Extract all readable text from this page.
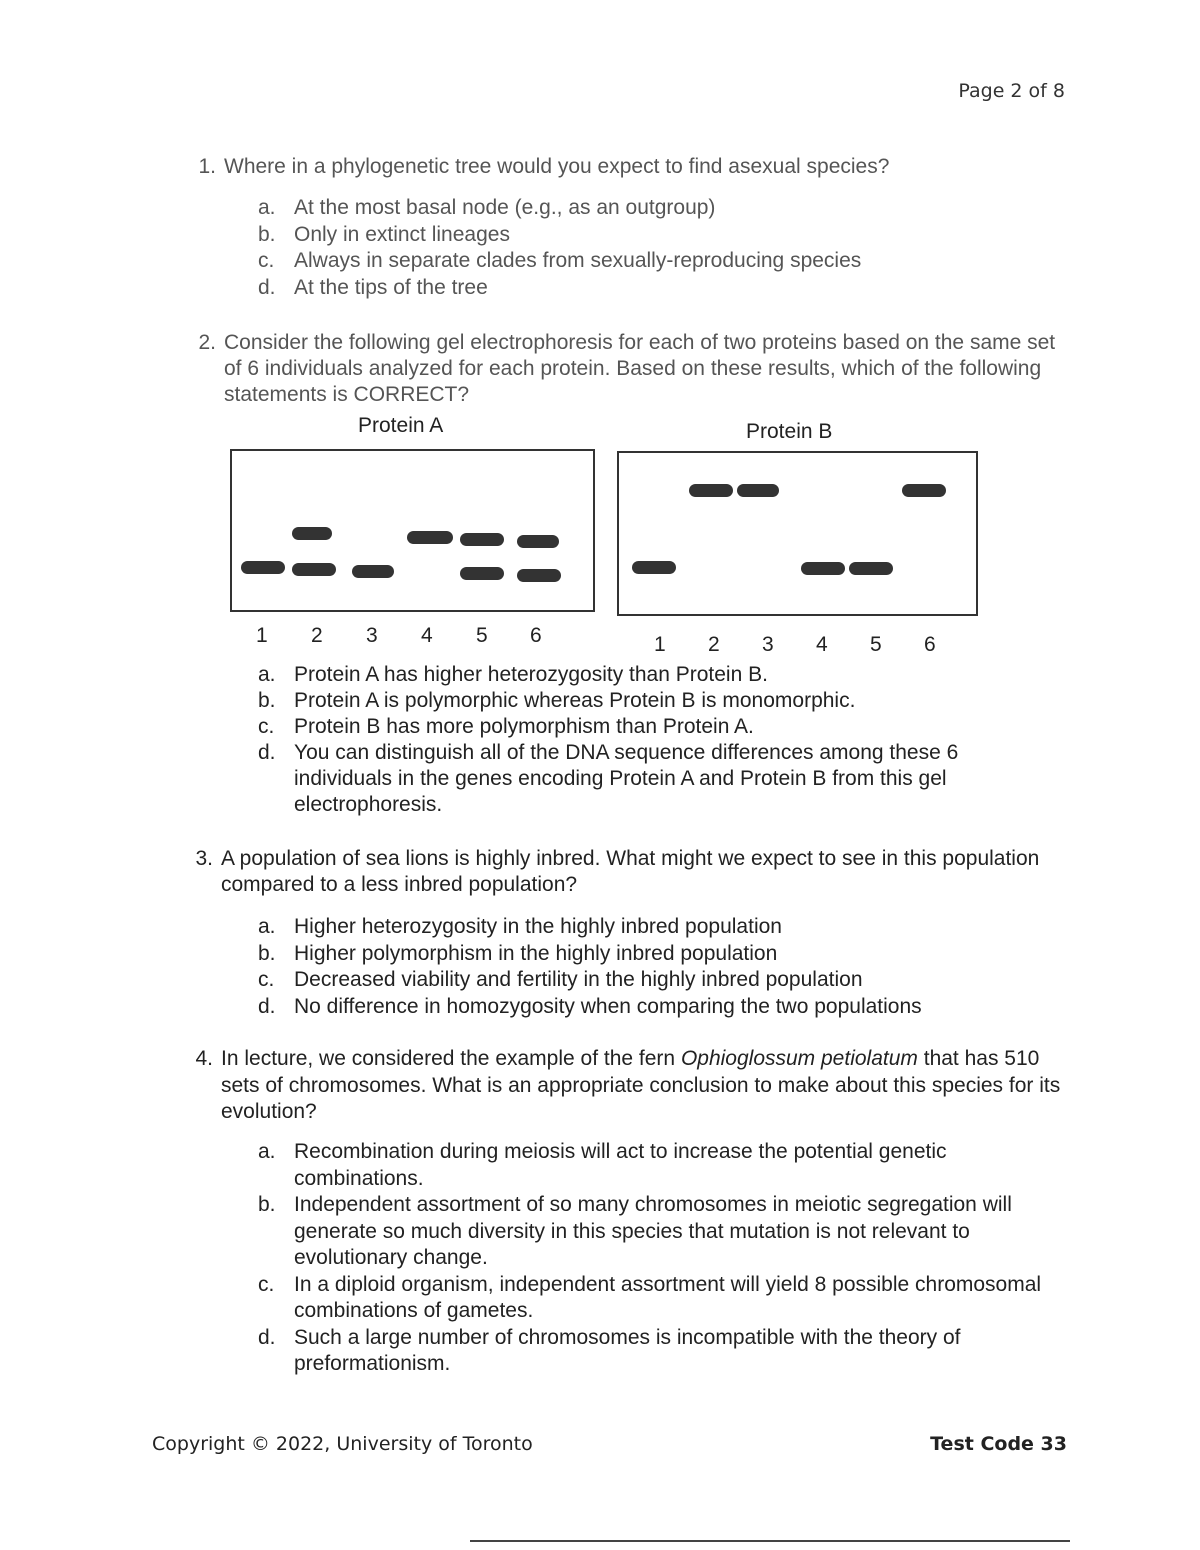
Page 2 of 8
1. Where in a phylogenetic tree would you expect to find asexual species?
a. At the most basal node (e.g., as an outgroup)
b. Only in extinct lineages
c. Always in separate clades from sexually-reproducing species
d. At the tips of the tree
2. Consider the following gel electrophoresis for each of two proteins based on the same set of 6 individuals analyzed for each protein. Based on these results, which of the following statements is CORRECT?
Protein A	Protein B
1 2 3 4 5 6	1 2 3 4 5 6
a. Protein A has higher heterozygosity than Protein B.
b. Protein A is polymorphic whereas Protein B is monomorphic.
c. Protein B has more polymorphism than Protein A.
d. You can distinguish all of the DNA sequence differences among these 6 individuals in the genes encoding Protein A and Protein B from this gel electrophoresis.
3. A population of sea lions is highly inbred. What might we expect to see in this population compared to a less inbred population?
a. Higher heterozygosity in the highly inbred population
b. Higher polymorphism in the highly inbred population
c. Decreased viability and fertility in the highly inbred population
d. No difference in homozygosity when comparing the two populations
4. In lecture, we considered the example of the fern Ophioglossum petiolatum that has 510 sets of chromosomes. What is an appropriate conclusion to make about this species for its evolution?
a. Recombination during meiosis will act to increase the potential genetic combinations.
b. Independent assortment of so many chromosomes in meiotic segregation will generate so much diversity in this species that mutation is not relevant to evolutionary change.
c. In a diploid organism, independent assortment will yield 8 possible chromosomal combinations of gametes.
d. Such a large number of chromosomes is incompatible with the theory of preformationism.
Copyright © 2022, University of Toronto	Test Code 33
